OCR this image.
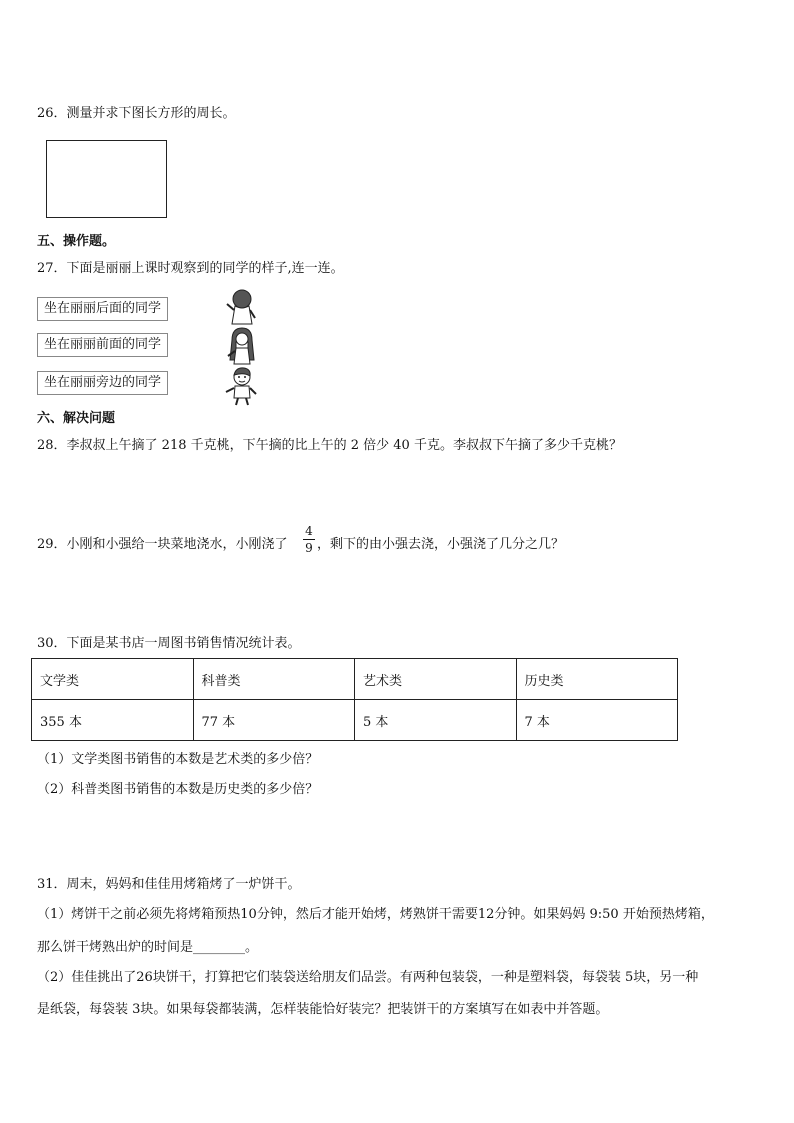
26．测量并求下图长方形的周长。
五、操作题。
27．下面是丽丽上课时观察到的同学的样子,连一连。
坐在丽丽后面的同学
坐在丽丽前面的同学
坐在丽丽旁边的同学
六、解决问题
28．李叔叔上午摘了 218 千克桃，下午摘的比上午的 2 倍少 40 千克。李叔叔下午摘了多少千克桃？
29．小刚和小强给一块菜地浇水，小刚浇了
4
9 ，剩下的由小强去浇，小强浇了几分之几？
30．下面是某书店一周图书销售情况统计表。
文学类	科普类	艺术类	历史类
355 本	77 本	5 本	7 本
（1）文学类图书销售的本数是艺术类的多少倍？
（2）科普类图书销售的本数是历史类的多少倍？
31．周末，妈妈和佳佳用烤箱烤了一炉饼干。
（1）烤饼干之前必须先将烤箱预热10分钟，然后才能开始烤，烤熟饼干需要12分钟。如果妈妈 9:50 开始预热烤箱，
那么饼干烤熟出炉的时间是________。
（2）佳佳挑出了26块饼干，打算把它们装袋送给朋友们品尝。有两种包装袋，一种是塑料袋，每袋装 5块，另一种
是纸袋，每袋装 3块。如果每袋都装满，怎样装能恰好装完？把装饼干的方案填写在如表中并答题。
